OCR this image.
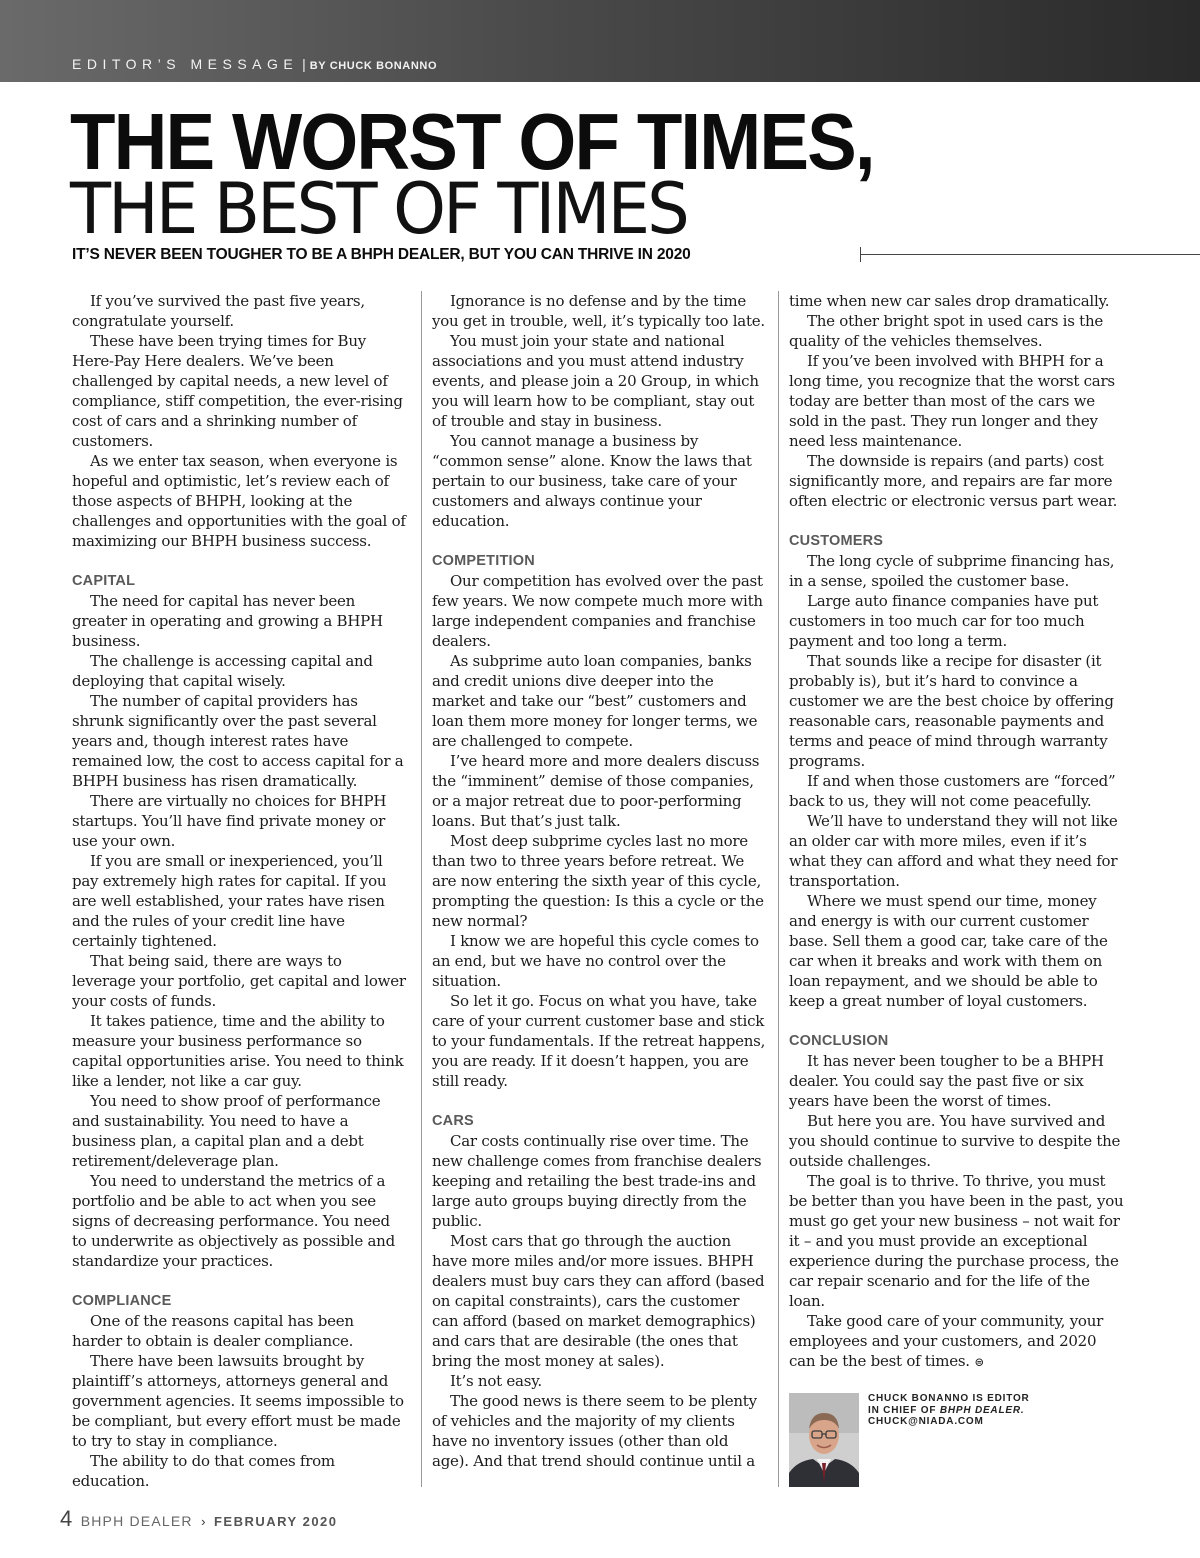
EDITOR’S MESSAGE | BY CHUCK BONANNO
THE WORST OF TIMES,
THE BEST OF TIMES
IT’S NEVER BEEN TOUGHER TO BE A BHPH DEALER, BUT YOU CAN THRIVE IN 2020

If you’ve survived the past five years, congratulate yourself.

These have been trying times for Buy Here-Pay Here dealers. We’ve been challenged by capital needs, a new level of compliance, stiff competition, the ever-rising cost of cars and a shrinking number of customers.

As we enter tax season, when everyone is hopeful and optimistic, let’s review each of those aspects of BHPH, looking at the challenges and opportunities with the goal of maximizing our BHPH business success.

CAPITAL

The need for capital has never been greater in operating and growing a BHPH business.

The challenge is accessing capital and deploying that capital wisely.

The number of capital providers has shrunk significantly over the past several years and, though interest rates have remained low, the cost to access capital for a BHPH business has risen dramatically.

There are virtually no choices for BHPH startups. You’ll have find private money or use your own.

If you are small or inexperienced, you’ll pay extremely high rates for capital. If you are well established, your rates have risen and the rules of your credit line have certainly tightened.

That being said, there are ways to leverage your portfolio, get capital and lower your costs of funds.

It takes patience, time and the ability to measure your business performance so capital opportunities arise. You need to think like a lender, not like a car guy.

You need to show proof of performance and sustainability. You need to have a business plan, a capital plan and a debt retirement/deleverage plan.

You need to understand the metrics of a portfolio and be able to act when you see signs of decreasing performance. You need to underwrite as objectively as possible and standardize your practices.

COMPLIANCE

One of the reasons capital has been harder to obtain is dealer compliance.

There have been lawsuits brought by plaintiff’s attorneys, attorneys general and government agencies. It seems impossible to be compliant, but every effort must be made to try to stay in compliance.

The ability to do that comes from education.

Ignorance is no defense and by the time you get in trouble, well, it’s typically too late.

You must join your state and national associations and you must attend industry events, and please join a 20 Group, in which you will learn how to be compliant, stay out of trouble and stay in business.

You cannot manage a business by “common sense” alone. Know the laws that pertain to our business, take care of your customers and always continue your education.

COMPETITION

Our competition has evolved over the past few years. We now compete much more with large independent companies and franchise dealers.

As subprime auto loan companies, banks and credit unions dive deeper into the market and take our “best” customers and loan them more money for longer terms, we are challenged to compete.

I’ve heard more and more dealers discuss the “imminent” demise of those companies, or a major retreat due to poor-performing loans. But that’s just talk.

Most deep subprime cycles last no more than two to three years before retreat. We are now entering the sixth year of this cycle, prompting the question: Is this a cycle or the new normal?

I know we are hopeful this cycle comes to an end, but we have no control over the situation.

So let it go. Focus on what you have, take care of your current customer base and stick to your fundamentals. If the retreat happens, you are ready. If it doesn’t happen, you are still ready.

CARS

Car costs continually rise over time. The new challenge comes from franchise dealers keeping and retailing the best trade-ins and large auto groups buying directly from the public.

Most cars that go through the auction have more miles and/or more issues. BHPH dealers must buy cars they can afford (based on capital constraints), cars the customer can afford (based on market demographics) and cars that are desirable (the ones that bring the most money at sales).

It’s not easy.

The good news is there seem to be plenty of vehicles and the majority of my clients have no inventory issues (other than old age). And that trend should continue until a

time when new car sales drop dramatically.

The other bright spot in used cars is the quality of the vehicles themselves.

If you’ve been involved with BHPH for a long time, you recognize that the worst cars today are better than most of the cars we sold in the past. They run longer and they need less maintenance.

The downside is repairs (and parts) cost significantly more, and repairs are far more often electric or electronic versus part wear.

CUSTOMERS

The long cycle of subprime financing has, in a sense, spoiled the customer base.

Large auto finance companies have put customers in too much car for too much payment and too long a term.

That sounds like a recipe for disaster (it probably is), but it’s hard to convince a customer we are the best choice by offering reasonable cars, reasonable payments and terms and peace of mind through warranty programs.

If and when those customers are “forced” back to us, they will not come peacefully.

We’ll have to understand they will not like an older car with more miles, even if it’s what they can afford and what they need for transportation.

Where we must spend our time, money and energy is with our current customer base. Sell them a good car, take care of the car when it breaks and work with them on loan repayment, and we should be able to keep a great number of loyal customers.

CONCLUSION

It has never been tougher to be a BHPH dealer. You could say the past five or six years have been the worst of times.

But here you are. You have survived and you should continue to survive to despite the outside challenges.

The goal is to thrive. To thrive, you must be better than you have been in the past, you must go get your new business – not wait for it – and you must provide an exceptional experience during the purchase process, the car repair scenario and for the life of the loan.

Take good care of your community, your employees and your customers, and 2020 can be the best of times. ⊜

CHUCK BONANNO IS EDITOR
IN CHIEF OF BHPH DEALER.
CHUCK@NIADA.COM
4 BHPH DEALER › FEBRUARY 2020
